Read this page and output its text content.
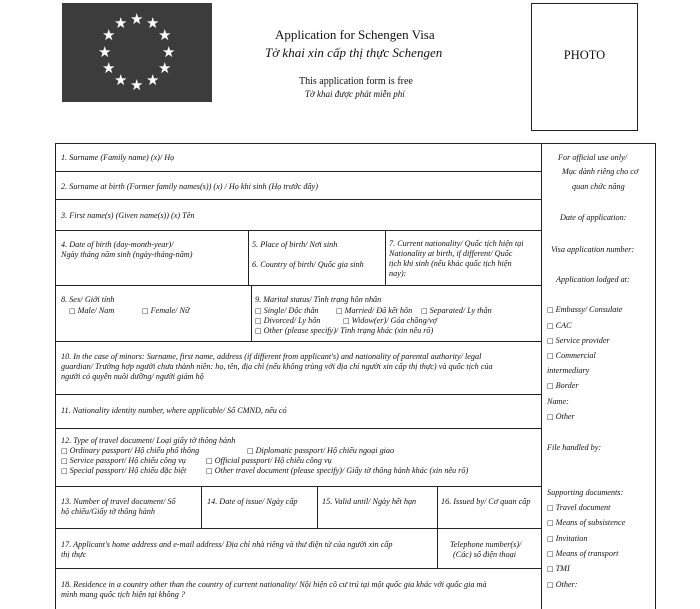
★ ★
★
★
★
★
★
★
★
★
★
★
Application for Schengen Visa
Tờ khai xin cấp thị thực Schengen
This application form is free
Tờ khai được phát miễn phí
PHOTO
1. Surname (Family name) (x)/ Họ
2. Surname at birth (Former family names(s)) (x) / Họ khi sinh (Họ trước đây)
3. First name(s) (Given name(s)) (x) Tên
4. Date of birth (day-month-year)/
Ngày tháng năm sinh (ngày-tháng-năm)
5. Place of birth/ Nơi sinh
6. Country of birth/ Quốc gia sinh
7. Current nationality/ Quốc tịch hiện tại
Nationality at birth, if different/ Quốc
tịch khi sinh (nếu khác quốc tịch hiện
nay):
8. Sex/ Giới tính
□ Male/ Nam	□ Female/ Nữ
9. Marital status/ Tình trạng hôn nhân
□ Single/ Độc thân	□ Married/ Đã kết hôn	□ Separated/ Ly thân
□ Divorced/ Ly hôn	□ Widow(er)/ Góa chồng/vợ
□ Other (please specify)/ Tình trạng khác (xin nêu rõ)
10. In the case of minors: Surname, first name, address (if different from applicant's) and nationality of parental authority/ legal
guardian/ Trường hợp người chưa thành niên: họ, tên, địa chỉ (nếu không trùng với địa chỉ người xin cấp thị thực) và quốc tịch của
người có quyền nuôi dưỡng/ người giám hộ
11. Nationality identity number, where applicable/ Số CMND, nếu có
12. Type of travel document/ Loại giấy tờ thông hành
□ Ordinary passport/ Hộ chiếu phổ thông	□ Diplomatic passport/ Hộ chiếu ngoại giao
□ Service passport/ Hộ chiếu công vụ	□ Official passport/ Hộ chiếu công vụ
□ Special passport/ Hộ chiếu đặc biệt	□ Other travel document (please specify)/ Giấy tờ thông hành khác (xin nêu rõ)
13. Number of travel document/ Số
hộ chiếu/Giấy tờ thông hành
14. Date of issue/ Ngày cấp	15. Valid until/ Ngày hết hạn	16. Issued by/ Cơ quan cấp
17. Applicant's home address and e-mail address/ Địa chỉ nhà riêng và thư điện tử của người xin cấp
thị thực
Telephone number(s)/
(Các) số điện thoại
18. Residence in a country other than the country of current nationality/ Nội hiện cô cư trú tại một quốc gia khác với quốc gia mà
mình mang quốc tịch hiện tại không ?
For official use only/
Mục dành riêng cho cơ
quan chức năng
Date of application:
Visa application number:
Application lodged at:
□ Embassy/ Consulate
□ CAC
□ Service provider
□ Commercial
intermediary
□ Border
Name:
□ Other
File handled by:
Supporting documents:
□ Travel document
□ Means of subsistence
□ Invitation
□ Means of transport
□ TMI
□ Other:
